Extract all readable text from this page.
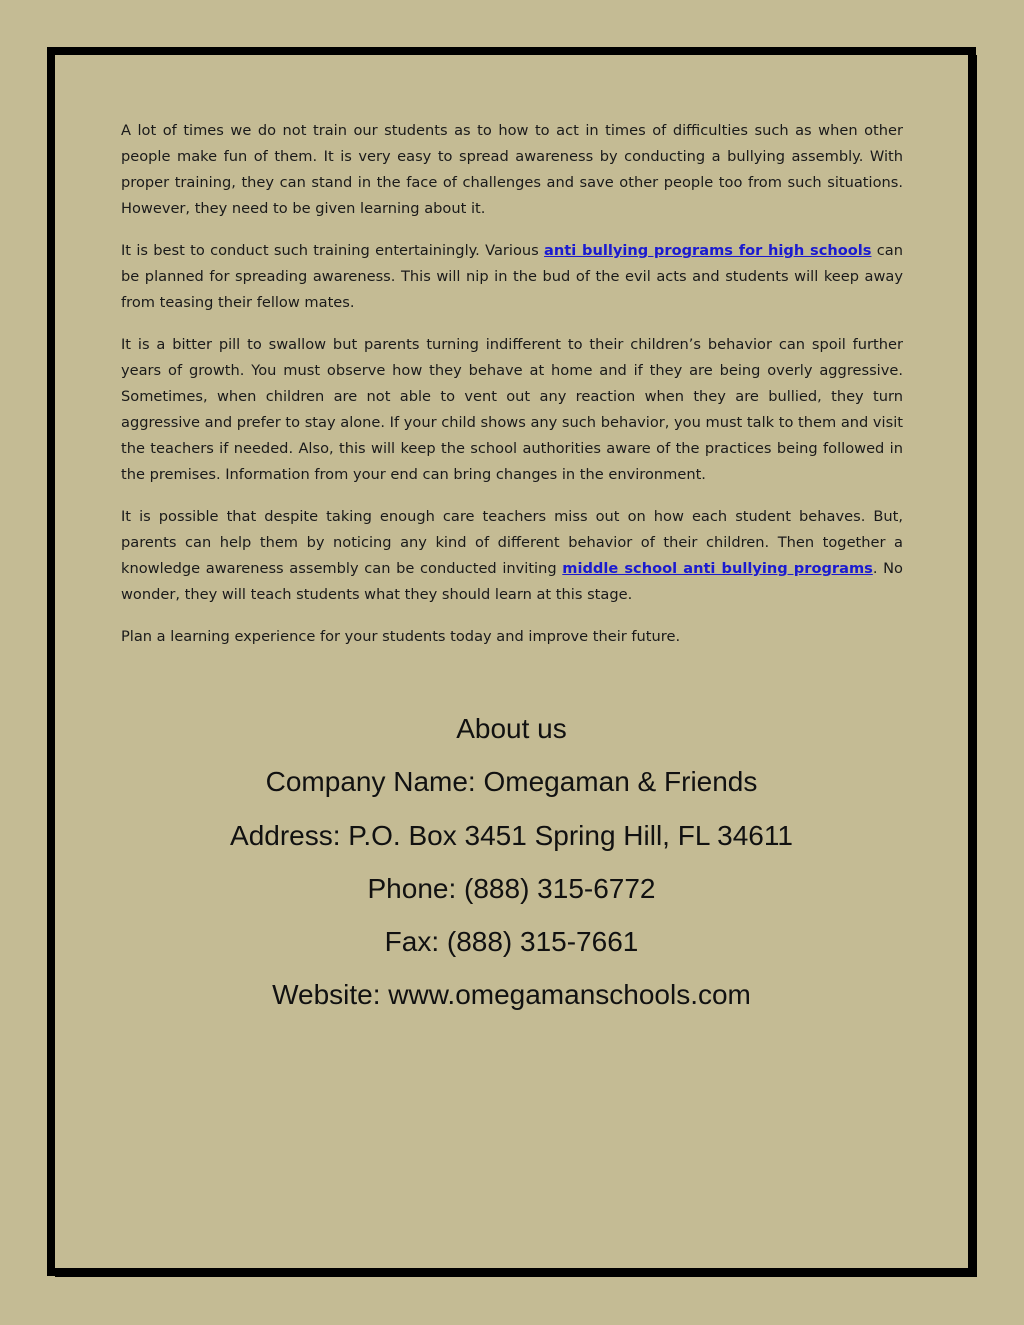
A lot of times we do not train our students as to how to act in times of difficulties such as when other people make fun of them. It is very easy to spread awareness by conducting a bullying assembly. With proper training, they can stand in the face of challenges and save other people too from such situations. However, they need to be given learning about it.

It is best to conduct such training entertainingly. Various anti bullying programs for high schools can be planned for spreading awareness. This will nip in the bud of the evil acts and students will keep away from teasing their fellow mates.

It is a bitter pill to swallow but parents turning indifferent to their children’s behavior can spoil further years of growth. You must observe how they behave at home and if they are being overly aggressive. Sometimes, when children are not able to vent out any reaction when they are bullied, they turn aggressive and prefer to stay alone. If your child shows any such behavior, you must talk to them and visit the teachers if needed. Also, this will keep the school authorities aware of the practices being followed in the premises. Information from your end can bring changes in the environment.

It is possible that despite taking enough care teachers miss out on how each student behaves. But, parents can help them by noticing any kind of different behavior of their children. Then together a knowledge awareness assembly can be conducted inviting middle school anti bullying programs. No wonder, they will teach students what they should learn at this stage.

Plan a learning experience for your students today and improve their future.

About us
Company Name: Omegaman & Friends
Address: P.O. Box 3451 Spring Hill, FL 34611
Phone: (888) 315-6772
Fax: (888) 315-7661
Website: www.omegamanschools.com
